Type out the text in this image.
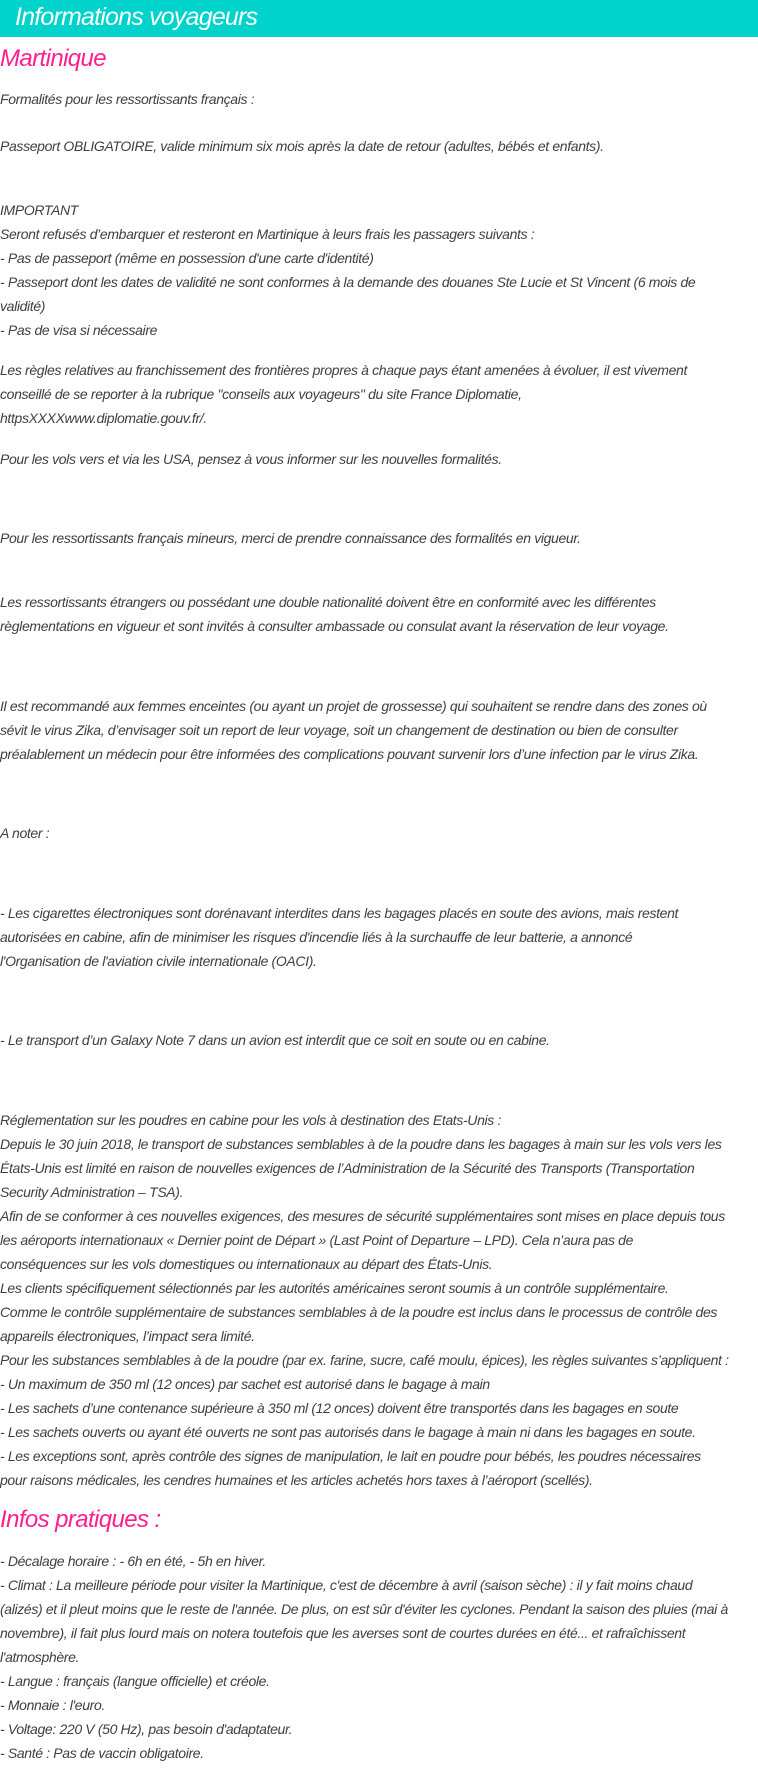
Informations voyageurs
Martinique
Formalités pour les ressortissants français :
Passeport OBLIGATOIRE, valide minimum six mois après la date de retour (adultes, bébés et enfants).
IMPORTANT
Seront refusés d’embarquer et resteront en Martinique à leurs frais les passagers suivants :
- Pas de passeport (même en possession d'une carte d'identité)
- Passeport dont les dates de validité ne sont conformes à la demande des douanes Ste Lucie et St Vincent (6 mois de
validité)
- Pas de visa si nécessaire
Les règles relatives au franchissement des frontières propres à chaque pays étant amenées à évoluer, il est vivement
conseillé de se reporter à la rubrique "conseils aux voyageurs" du site France Diplomatie,
httpsXXXXwww.diplomatie.gouv.fr/.
Pour les vols vers et via les USA, pensez à vous informer sur les nouvelles formalités.
Pour les ressortissants français mineurs, merci de prendre connaissance des formalités en vigueur.
Les ressortissants étrangers ou possédant une double nationalité doivent être en conformité avec les différentes
règlementations en vigueur et sont invités à consulter ambassade ou consulat avant la réservation de leur voyage.
Il est recommandé aux femmes enceintes (ou ayant un projet de grossesse) qui souhaitent se rendre dans des zones où
sévit le virus Zika, d’envisager soit un report de leur voyage, soit un changement de destination ou bien de consulter
préalablement un médecin pour être informées des complications pouvant survenir lors d’une infection par le virus Zika.
A noter :
- Les cigarettes électroniques sont dorénavant interdites dans les bagages placés en soute des avions, mais restent
autorisées en cabine, afin de minimiser les risques d'incendie liés à la surchauffe de leur batterie, a annoncé
l'Organisation de l'aviation civile internationale (OACI).
- Le transport d’un Galaxy Note 7 dans un avion est interdit que ce soit en soute ou en cabine.
Réglementation sur les poudres en cabine pour les vols à destination des Etats-Unis :
Depuis le 30 juin 2018, le transport de substances semblables à de la poudre dans les bagages à main sur les vols vers les
États-Unis est limité en raison de nouvelles exigences de l’Administration de la Sécurité des Transports (Transportation
Security Administration – TSA).
Afin de se conformer à ces nouvelles exigences, des mesures de sécurité supplémentaires sont mises en place depuis tous
les aéroports internationaux « Dernier point de Départ » (Last Point of Departure – LPD). Cela n’aura pas de
conséquences sur les vols domestiques ou internationaux au départ des États-Unis.
Les clients spécifiquement sélectionnés par les autorités américaines seront soumis à un contrôle supplémentaire.
Comme le contrôle supplémentaire de substances semblables à de la poudre est inclus dans le processus de contrôle des
appareils électroniques, l’impact sera limité.
Pour les substances semblables à de la poudre (par ex. farine, sucre, café moulu, épices), les règles suivantes s’appliquent :
- Un maximum de 350 ml (12 onces) par sachet est autorisé dans le bagage à main
- Les sachets d’une contenance supérieure à 350 ml (12 onces) doivent être transportés dans les bagages en soute
- Les sachets ouverts ou ayant été ouverts ne sont pas autorisés dans le bagage à main ni dans les bagages en soute.
- Les exceptions sont, après contrôle des signes de manipulation, le lait en poudre pour bébés, les poudres nécessaires
pour raisons médicales, les cendres humaines et les articles achetés hors taxes à l’aéroport (scellés).
Infos pratiques :
- Décalage horaire : - 6h en été, - 5h en hiver.
- Climat : La meilleure période pour visiter la Martinique, c'est de décembre à avril (saison sèche) : il y fait moins chaud
(alizés) et il pleut moins que le reste de l'année. De plus, on est sûr d'éviter les cyclones. Pendant la saison des pluies (mai à
novembre), il fait plus lourd mais on notera toutefois que les averses sont de courtes durées en été... et rafraîchissent
l'atmosphère.
- Langue : français (langue officielle) et créole.
- Monnaie : l'euro.
- Voltage: 220 V (50 Hz), pas besoin d'adaptateur.
- Santé : Pas de vaccin obligatoire.
